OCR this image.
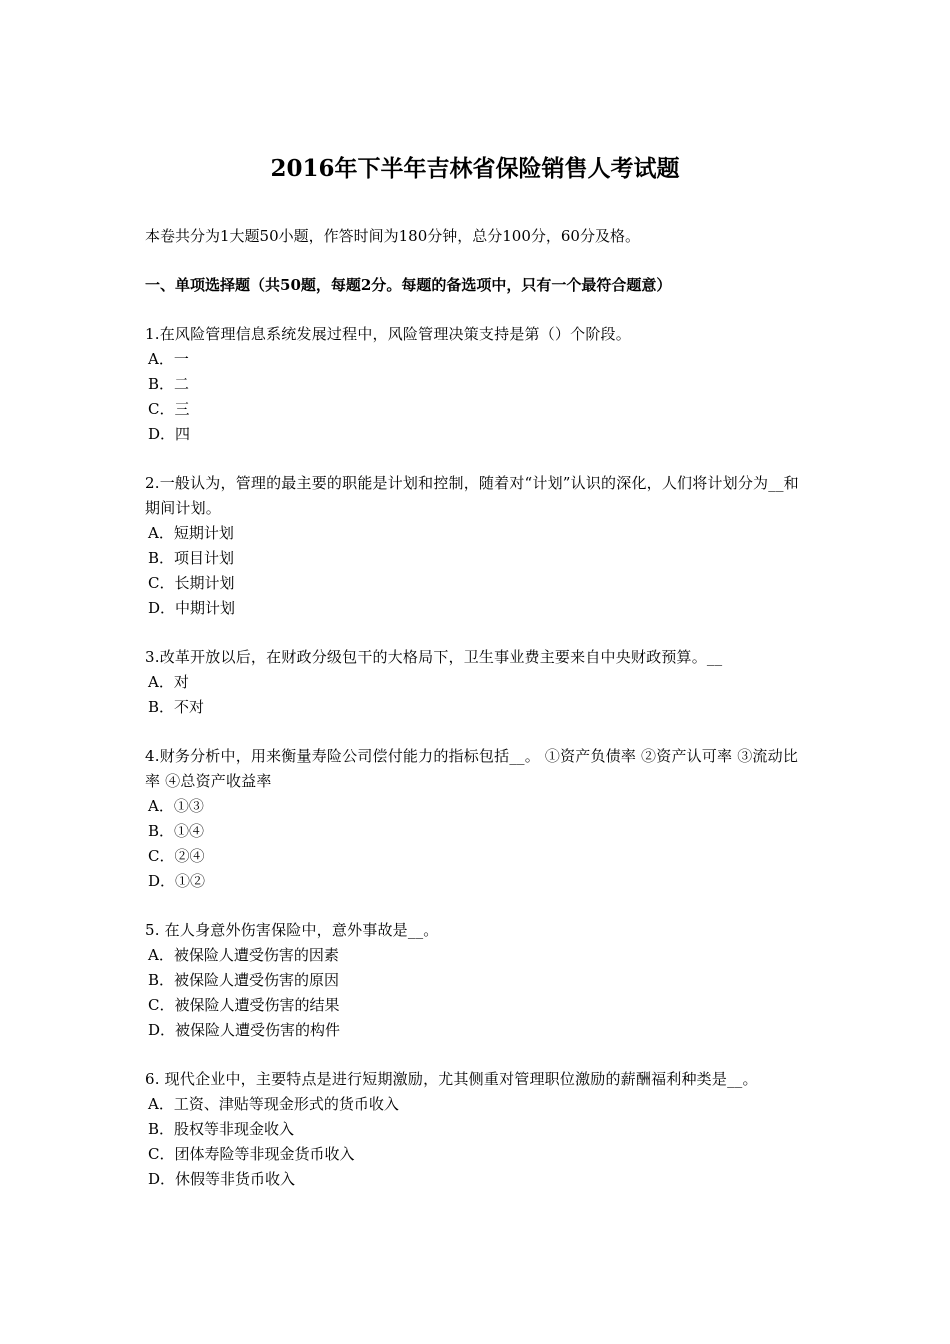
2016年下半年吉林省保险销售人考试题

本卷共分为1大题50小题，作答时间为180分钟，总分100分，60分及格。

一、单项选择题（共50题，每题2分。每题的备选项中，只有一个最符合题意）

1.在风险管理信息系统发展过程中，风险管理决策支持是第（）个阶段。

A．一
B．二
C．三
D．四

2.一般认为，管理的最主要的职能是计划和控制，随着对“计划”认识的深化，人们将计划分为__和期间计划。

A．短期计划
B．项目计划
C．长期计划
D．中期计划

3.改革开放以后，在财政分级包干的大格局下，卫生事业费主要来自中央财政预算。__

A．对
B．不对

4.财务分析中，用来衡量寿险公司偿付能力的指标包括__。 ①资产负债率 ②资产认可率 ③流动比率 ④总资产收益率

A．①③
B．①④
C．②④
D．①②

5. 在人身意外伤害保险中，意外事故是__。

A．被保险人遭受伤害的因素
B．被保险人遭受伤害的原因
C．被保险人遭受伤害的结果
D．被保险人遭受伤害的构件

6. 现代企业中，主要特点是进行短期激励，尤其侧重对管理职位激励的薪酬福利种类是__。

A．工资、津贴等现金形式的货币收入
B．股权等非现金收入
C．团体寿险等非现金货币收入
D．休假等非货币收入
